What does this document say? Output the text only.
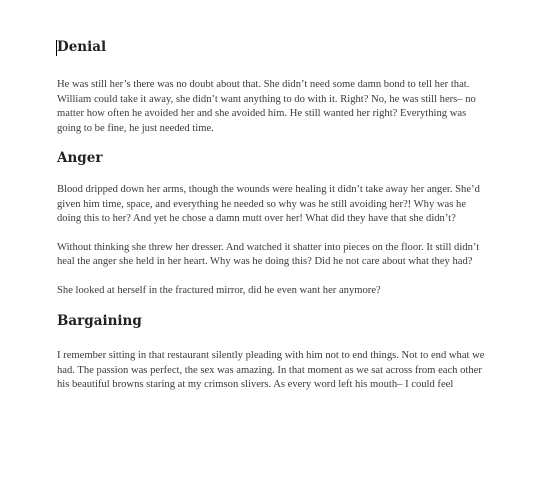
Denial

He was still her’s there was no doubt about that. She didn’t need some damn bond to tell her that. William could take it away, she didn’t want anything to do with it. Right? No, he was still hers– no matter how often he avoided her and she avoided him. He still wanted her right? Everything was going to be fine, he just needed time.

Anger

Blood dripped down her arms, though the wounds were healing it didn’t take away her anger. She’d given him time, space, and everything he needed so why was he still avoiding her?! Why was he doing this to her? And yet he chose a damn mutt over her! What did they have that she didn’t?

Without thinking she threw her dresser. And watched it shatter into pieces on the floor. It still didn’t heal the anger she held in her heart. Why was he doing this? Did he not care about what they had?

She looked at herself in the fractured mirror, did he even want her anymore?

Bargaining

I remember sitting in that restaurant silently pleading with him not to end things. Not to end what we had. The passion was perfect, the sex was amazing. In that moment as we sat across from each other his beautiful browns staring at my crimson slivers. As every word left his mouth– I could feel
